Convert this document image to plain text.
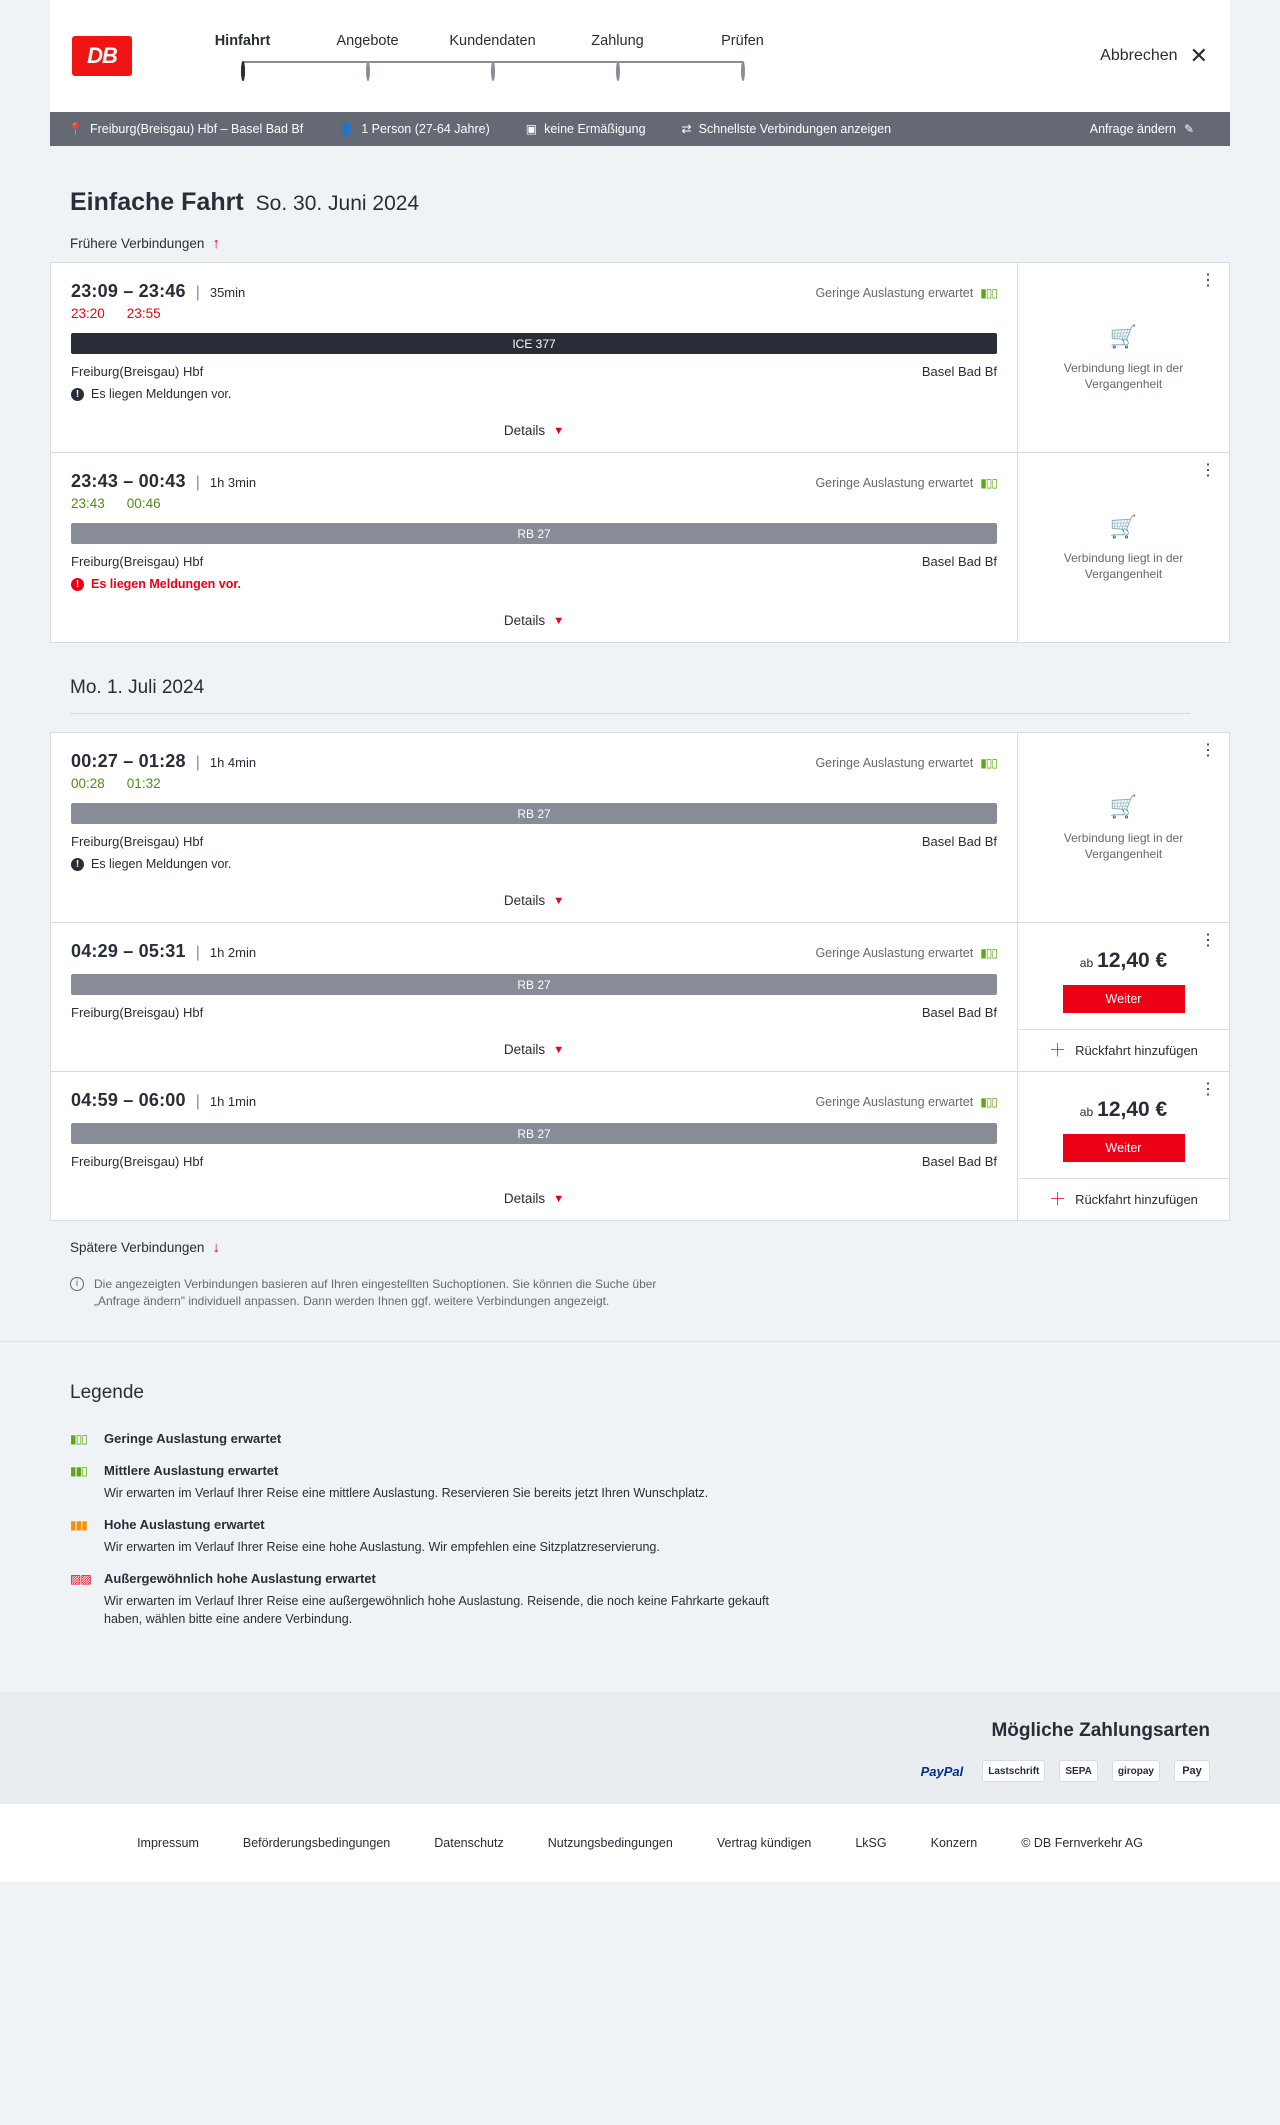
DB
Hinfahrt	Angebote	Kundendaten	Zahlung	Prüfen
Abbrechen ✕
📍 Freiburg(Breisgau) Hbf – Basel Bad Bf	👤 1 Person (27-64 Jahre)	▣ keine Ermäßigung	⇄ Schnellste Verbindungen anzeigen	Anfrage ändern ✎
Einfache Fahrt So. 30. Juni 2024
Frühere Verbindungen ↑
23:09 – 23:46 | 35min	Geringe Auslastung erwartet ▮▯▯
23:20 23:55
ICE 377
Freiburg(Breisgau) Hbf	Basel Bad Bf
! Es liegen Meldungen vor.
Details ▼
⋮
🛒
Verbindung liegt in der Vergangenheit
23:43 – 00:43 | 1h 3min	Geringe Auslastung erwartet ▮▯▯
23:43 00:46
RB 27
Freiburg(Breisgau) Hbf	Basel Bad Bf
! Es liegen Meldungen vor.
Details ▼
⋮
🛒
Verbindung liegt in der Vergangenheit
Mo. 1. Juli 2024
00:27 – 01:28 | 1h 4min	Geringe Auslastung erwartet ▮▯▯
00:28 01:32
RB 27
Freiburg(Breisgau) Hbf	Basel Bad Bf
! Es liegen Meldungen vor.
Details ▼
⋮
🛒
Verbindung liegt in der Vergangenheit
04:29 – 05:31 | 1h 2min	Geringe Auslastung erwartet ▮▯▯
RB 27
Freiburg(Breisgau) Hbf	Basel Bad Bf
Details ▼
⋮
ab 12,40 €
Weiter
＋ Rückfahrt hinzufügen
04:59 – 06:00 | 1h 1min	Geringe Auslastung erwartet ▮▯▯
RB 27
Freiburg(Breisgau) Hbf	Basel Bad Bf
Details ▼
⋮
ab 12,40 €
Weiter
＋ Rückfahrt hinzufügen
Spätere Verbindungen ↓
i	Die angezeigten Verbindungen basieren auf Ihren eingestellten Suchoptionen. Sie können die Suche über „Anfrage ändern" individuell anpassen. Dann werden Ihnen ggf. weitere Verbindungen angezeigt.
Legende
▮▯▯	Geringe Auslastung erwartet
▮▮▯	Mittlere Auslastung erwartet
Wir erwarten im Verlauf Ihrer Reise eine mittlere Auslastung. Reservieren Sie bereits jetzt Ihren Wunschplatz.
▮▮▮	Hohe Auslastung erwartet
Wir erwarten im Verlauf Ihrer Reise eine hohe Auslastung. Wir empfehlen eine Sitzplatzreservierung.
▨▨ Außergewöhnlich hohe Auslastung erwartet
Wir erwarten im Verlauf Ihrer Reise eine außergewöhnlich hohe Auslastung. Reisende, die noch keine Fahrkarte gekauft haben, wählen bitte eine andere Verbindung.
Mögliche Zahlungsarten
PayPal	Lastschrift	SEPA	giropay	Pay
Impressum	Beförderungsbedingungen	Datenschutz	Nutzungsbedingungen	Vertrag kündigen	LkSG	Konzern	© DB Fernverkehr AG
